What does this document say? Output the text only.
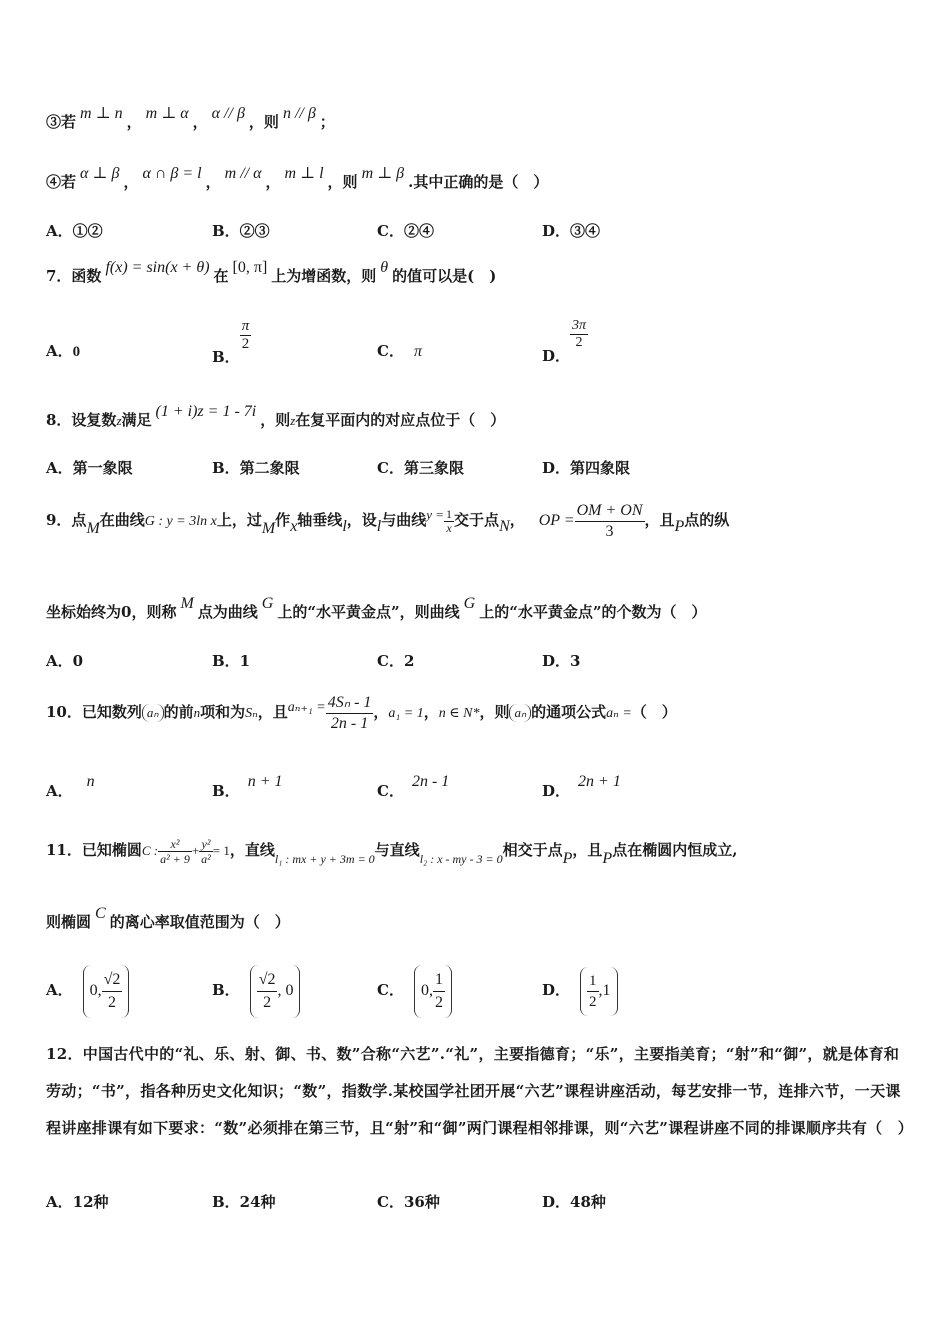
③若 m ⊥ n ， m ⊥ α ， α // β ，则 n // β ；
④若 α ⊥ β ， α ∩ β = l ， m // α ， m ⊥ l ，则 m ⊥ β .其中正确的是（　）
A．①②	B．②③	C．②④	D．③④
7．函数 f(x) = sin(x + θ) 在 [0, π] 上为增函数，则 θ 的值可以是(　)
A．0	B．
$\frac{\pi}{2}$	C． π	D．
$\frac{3\pi}{2}$
8．设复数z满足 (1 + i)z = 1 - 7i ，则z在复平面内的对应点位于（　）
A．第一象限	B．第二象限	C．第三象限	D．第四象限
9．点M在曲线G : y = 3ln x上，过M作x轴垂线l，设l与曲线$y = \frac{1}{x}$ 交于点N， OP = $\frac{OM + ON}{3}$ ，且P点的纵
坐标始终为0，则称 M 点为曲线 G 上的“水平黄金点”，则曲线 G 上的“水平黄金点”的个数为（　）
A．0	B．1	C．2	D．3
10．已知数列 aₙ 的前n项和为Sₙ，且$a_{n+1} = \frac{\text{4Sₙ - 1}}{2n - 1}$ ，a₁ = 1，n ∈ N*，则 aₙ 的通项公式aₙ =（　）
A．n
B．n + 1
C．2n - 1
D．2n + 1
11．已知椭圆C : $\frac{\text{x²}}{\text{a² + 9}} + \frac{\text{y²}}{\text{a²}} = 1$，直线$_{l_1 : mx + y + 3m = 0}$与直线$_{l_2 : x - my - 3 = 0}$相交于点P，且P点在椭圆内恒成立,
则椭圆 C 的离心率取值范围为（　）
A． 0, $\frac{√2}{2}$	B． $\frac{√2}{2}$ , 0	C． 0, $\frac{1}{2}$	D． $\frac{1}{2} ,1$
12．中国古代中的“礼、乐、射、御、书、数”合称“六艺”.“礼”，主要指德育；“乐”，主要指美育；“射”和“御”，就是体育和劳动；“书”，指各种历史文化知识；“数”，指数学.某校国学社团开展“六艺”课程讲座活动，每艺安排一节，连排六节，一天课程讲座排课有如下要求：“数”必须排在第三节，且“射”和“御”两门课程相邻排课，则“六艺”课程讲座不同的排课顺序共有（　）
A．12种	B．24种	C．36种	D．48种
